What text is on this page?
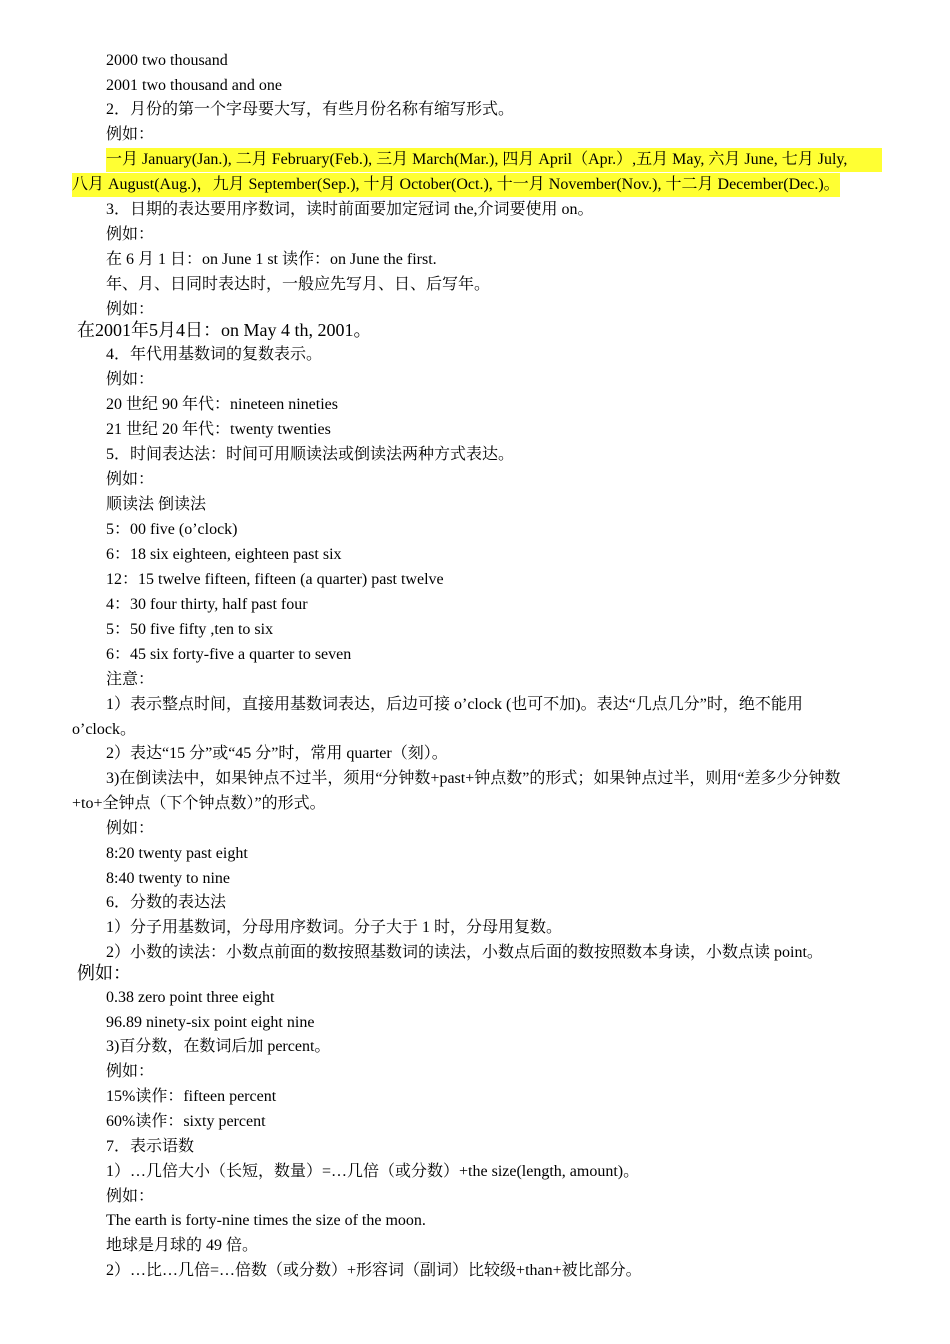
2000 two thousand
2001 two thousand and one
2．月份的第一个字母要大写，有些月份名称有缩写形式。
例如：
一月 January(Jan.), 二月 February(Feb.), 三月 March(Mar.), 四月 April（Apr.）,五月 May, 六月 June, 七月 July,
八月 August(Aug.)，九月 September(Sep.), 十月 October(Oct.), 十一月 November(Nov.), 十二月 December(Dec.)。
3．日期的表达要用序数词，读时前面要加定冠词 the,介词要使用 on。
例如：
在 6 月 1 日：on June 1 st 读作：on June the first.
年、月、日同时表达时，一般应先写月、日、后写年。
例如：
在2001年5月4日：on May 4 th, 2001。
4．年代用基数词的复数表示。
例如：
20 世纪 90 年代：nineteen nineties
21 世纪 20 年代：twenty twenties
5．时间表达法：时间可用顺读法或倒读法两种方式表达。
例如：
顺读法 倒读法
5：00 five (o’clock)
6：18 six eighteen, eighteen past six
12：15 twelve fifteen, fifteen (a quarter) past twelve
4：30 four thirty, half past four
5：50 five fifty ,ten to six
6：45 six forty-five a quarter to seven
注意：
1）表示整点时间，直接用基数词表达，后边可接 o’clock (也可不加)。表达“几点几分”时，绝不能用
o’clock。
2）表达“15 分”或“45 分”时，常用 quarter（刻）。
3)在倒读法中，如果钟点不过半，须用“分钟数+past+钟点数”的形式；如果钟点过半，则用“差多少分钟数
+to+全钟点（下个钟点数）”的形式。
例如：
8:20 twenty past eight
8:40 twenty to nine
6．分数的表达法
1）分子用基数词，分母用序数词。分子大于 1 时，分母用复数。
2）小数的读法：小数点前面的数按照基数词的读法，小数点后面的数按照数本身读，小数点读 point。
例如：
0.38 zero point three eight
96.89 ninety-six point eight nine
3)百分数，在数词后加 percent。
例如：
15%读作：fifteen percent
60%读作：sixty percent
7．表示语数
1）…几倍大小（长短，数量）=…几倍（或分数）+the size(length, amount)。
例如：
The earth is forty-nine times the size of the moon.
地球是月球的 49 倍。
2）…比…几倍=…倍数（或分数）+形容词（副词）比较级+than+被比部分。
